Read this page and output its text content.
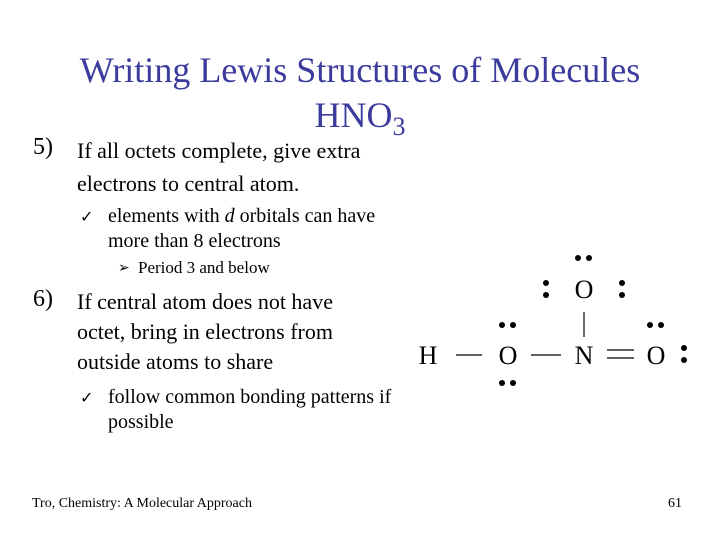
Writing Lewis Structures of Molecules
$HNO_3$
5) If all octets complete, give extra
electrons to central atom.
✓ elements with d orbitals can have
more than 8 electrons
➢ Period 3 and below
6) If central atom does not have
octet, bring in electrons from
outside atoms to share
✓ follow common bonding patterns if
possible
H O N
O
O
Tro, Chemistry: A Molecular Approach	61
